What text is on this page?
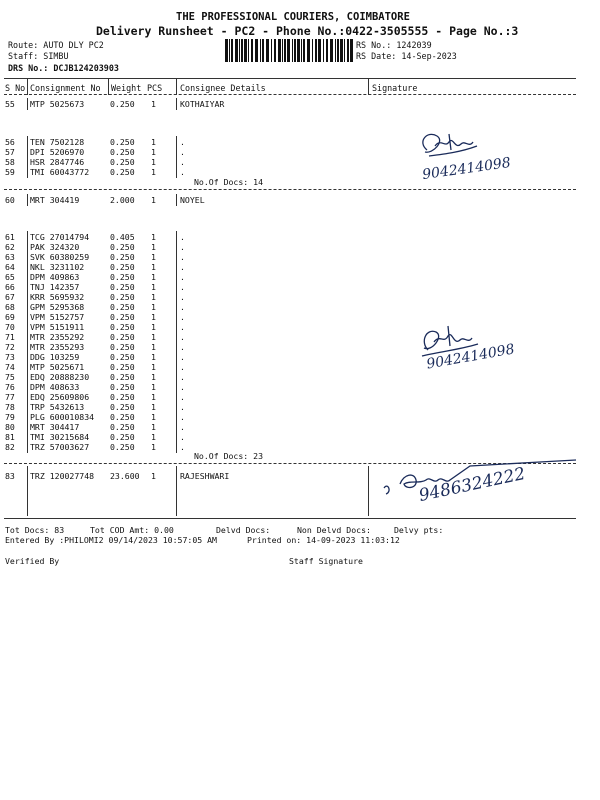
THE PROFESSIONAL COURIERS, COIMBATORE
Delivery Runsheet - PC2 - Phone No.:0422-3505555 - Page No.:3
Route: AUTO DLY PC2
Staff: SIMBU
DRS No.: DCJB124203903
RS No.: 1242039
RS Date: 14-Sep-2023
S No Consignment No Weight PCS Consignee Details	Signature
55 MTP 5025673	0.250 1	KOTHAIYAR
56 TEN 7502128	0.250 1	.
57 DPI 5206970	0.250 1	.
58 HSR 2847746	0.250 1	.
59 TMI 60043772	0.250 1	.
No.Of Docs: 14	9042414098
60 MRT 304419	2.000 1	NOYEL
61 TCG 27014794	0.405 1	.
62 PAK 324320	0.250 1	.
63 SVK 60380259	0.250 1	.
64 NKL 3231102	0.250 1	.
65 DPM 409863	0.250 1	.
66 TNJ 142357	0.250 1	.
67 KRR 5695932	0.250 1	.
68 GPM 5295368	0.250 1	.
69 VPM 5152757	0.250 1	.
70 VPM 5151911	0.250 1	.
71 MTR 2355292	0.250 1	.
72 MTR 2355293	0.250 1	.
73 DDG 103259	0.250 1	.
74 MTP 5025671	0.250 1	.
75 EDQ 20888230	0.250 1	.
76 DPM 408633	0.250 1	.
77 EDQ 25609806	0.250 1	.
78 TRP 5432613	0.250 1	.
79 PLG 600010834 0.250 1	.
80 MRT 304417	0.250 1	.
81 TMI 30215684	0.250 1	.
82 TRZ 57003627	0.250 1	.
No.Of Docs: 23
9042414098
83 TRZ 120027748 23.600 1	RAJESHWARI	9486324222
Tot Docs: 83	Tot COD Amt: 0.00	Delvd Docs:	Non Delvd Docs:	Delvy pts:
Entered By :PHILOMI2 09/14/2023 10:57:05 AM	Printed on: 14-09-2023 11:03:12
Verified By	Staff Signature
